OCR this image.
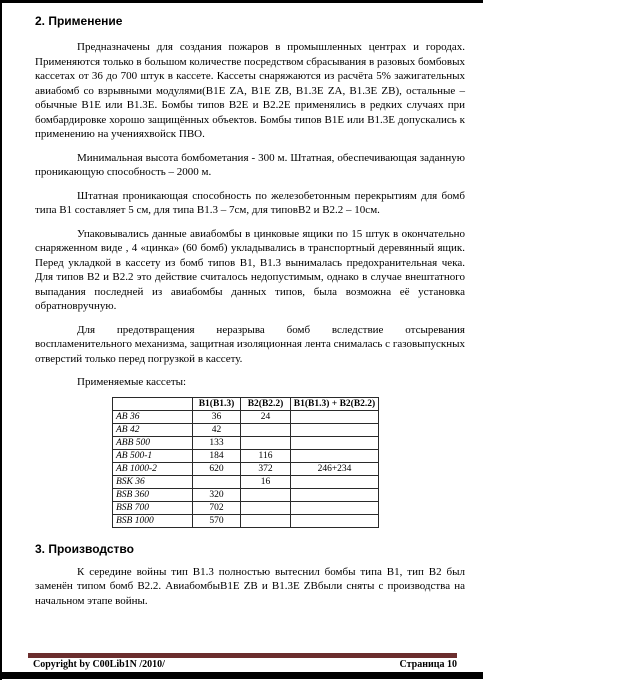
2. Применение

Предназначены для создания пожаров в промышленных центрах и городах. Применяются только в большом количестве посредством сбрасывания в разовых бомбовых кассетах от 36 до 700 штук в кассете. Кассеты снаряжаются из расчёта 5% зажигательных авиабомб со взрывными модулями(B1E ZA, B1E ZB, B1.3E ZA, B1.3E ZB), остальные – обычные B1E или B1.3E. Бомбы типов B2E и B2.2E применялись в редких случаях при бомбардировке хорошо защищённых объектов. Бомбы типов B1E или B1.3E допускались к применению на ученияхвойск ПВО.

Минимальная высота бомбометания - 300 м. Штатная, обеспечивающая заданную проникающую способность – 2000 м.

Штатная проникающая способность по железобетонным перекрытиям для бомб типа B1 составляет 5 см, для типа B1.3 – 7см, для типовB2 и B2.2 – 10см.

Упаковывались данные авиабомбы в цинковые ящики по 15 штук в окончательно снаряженном виде , 4 «цинка» (60 бомб) укладывались в транспортный деревянный ящик. Перед укладкой в кассету из бомб типов B1, B1.3 вынималась предохранительная чека. Для типов B2 и B2.2 это действие считалось недопустимым, однако в случае внештатного выпадания последней из авиабомбы данных типов, была возможна её установка обратновручную.

Для предотвращения неразрыва бомб вследствие отсыревания воспламенительного механизма, защитная изоляционная лента снималась с газовыпускных отверстий только перед погрузкой в кассету.

Применяемые кассеты:

	B1(B1.3)	B2(B2.2)	B1(B1.3) + B2(B2.2)
AB 36	36	24	
AB 42	42		
ABB 500	133		
AB 500-1	184	116	
AB 1000-2	620	372	246+234
BSK 36		16	
BSB 360	320		
BSB 700	702		
BSB 1000	570		
3. Производство

К середине войны тип B1.3 полностью вытеснил бомбы типа B1, тип B2 был заменён типом бомб B2.2. АвиабомбыB1E ZB и B1.3E ZBбыли сняты с производства на начальном этапе войны.

Copyright by C00Lib1N /2010/	Страница 10
